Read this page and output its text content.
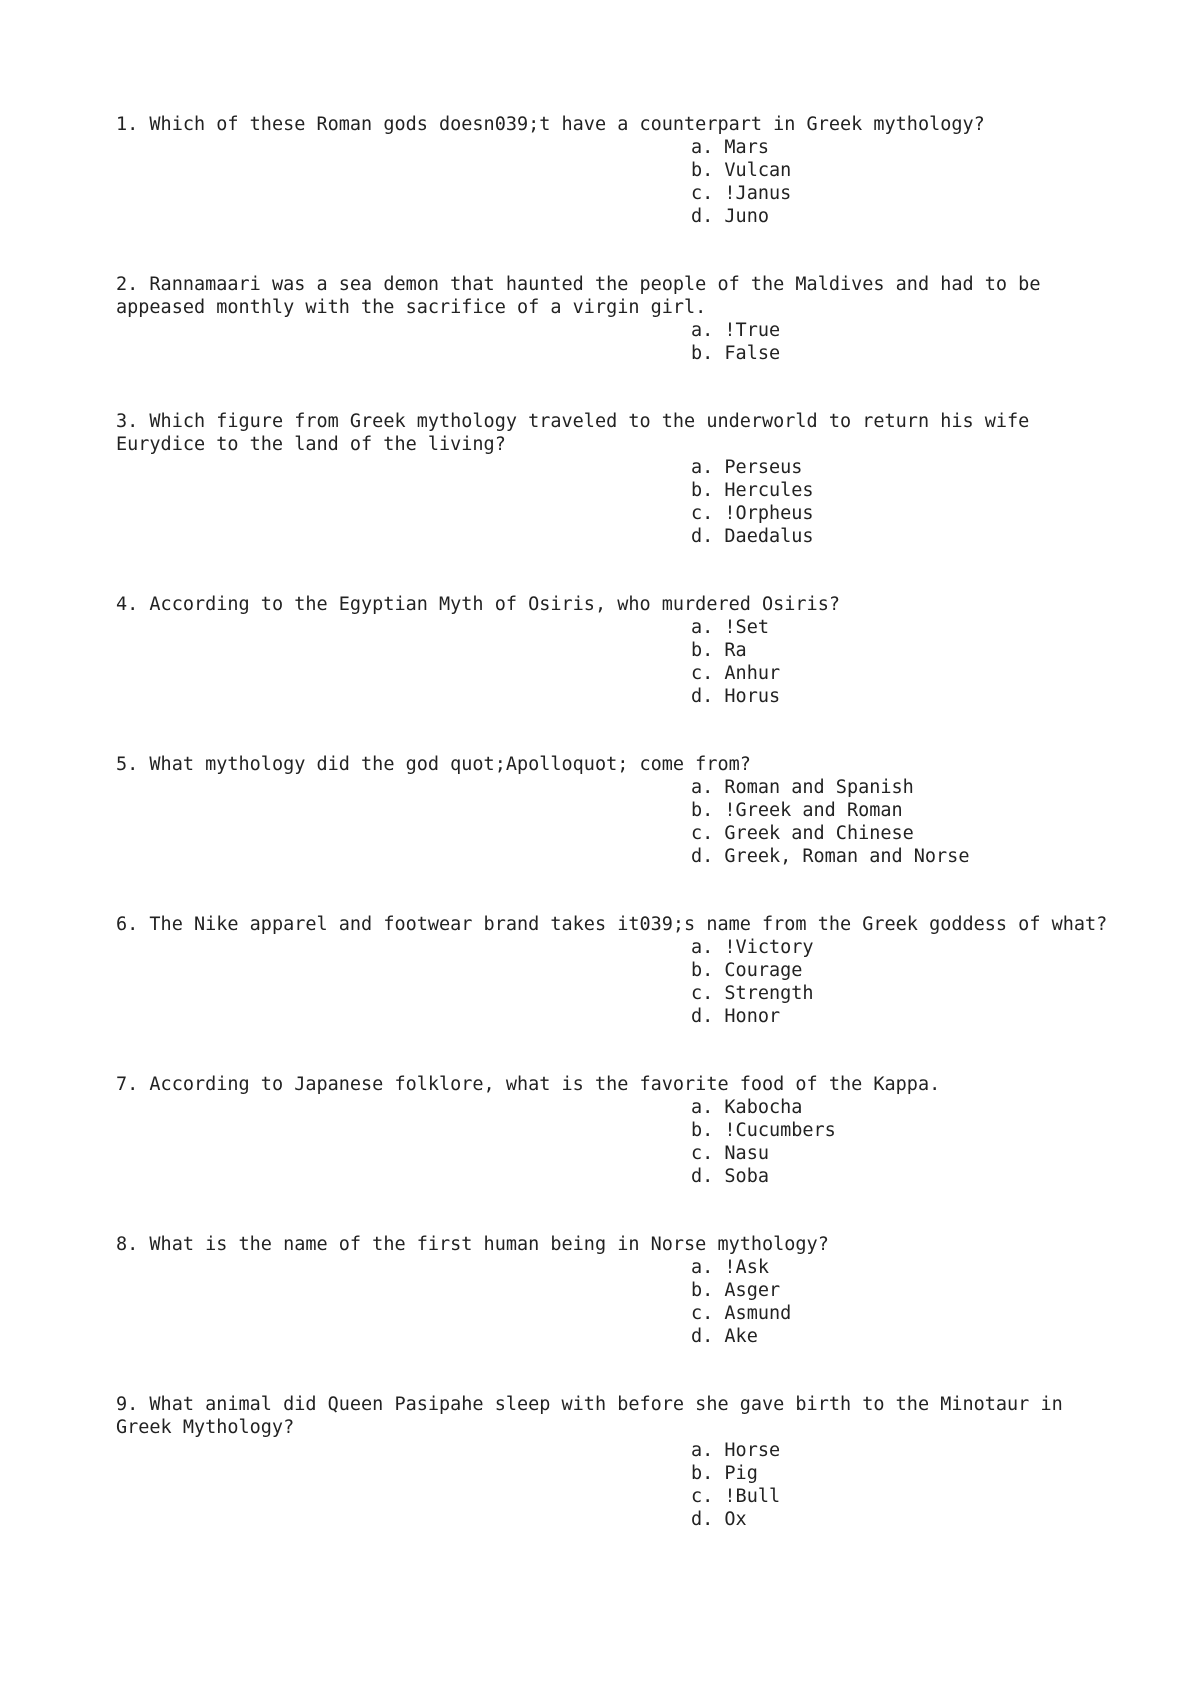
1. Which of these Roman gods doesn039;t have a counterpart in Greek mythology?

a . Mars
b . Vulcan
c . !Janus
d . Juno

2. Rannamaari was a sea demon that haunted the people of the Maldives and had to be appeased monthly with the sacrifice of a virgin girl.

a . !True
b . False

3. Which figure from Greek mythology traveled to the underworld to return his wife Eurydice to the land of the living?

a . Perseus
b . Hercules
c . !Orpheus
d . Daedalus

4. According to the Egyptian Myth of Osiris, who murdered Osiris?

a . !Set
b . Ra
c . Anhur
d . Horus

5. What mythology did the god quot;Apolloquot; come from?

a . Roman and Spanish
b . !Greek and Roman
c . Greek and Chinese
d . Greek, Roman and Norse

6. The Nike apparel and footwear brand takes it039;s name from the Greek goddess of what?

a . !Victory
b . Courage
c . Strength
d . Honor

7. According to Japanese folklore, what is the favorite food of the Kappa.

a . Kabocha
b . !Cucumbers
c . Nasu
d . Soba

8. What is the name of the first human being in Norse mythology?

a . !Ask
b . Asger
c . Asmund
d . Ake

9. What animal did Queen Pasipahe sleep with before she gave birth to the Minotaur in Greek Mythology?

a . Horse
b . Pig
c . !Bull
d . Ox
